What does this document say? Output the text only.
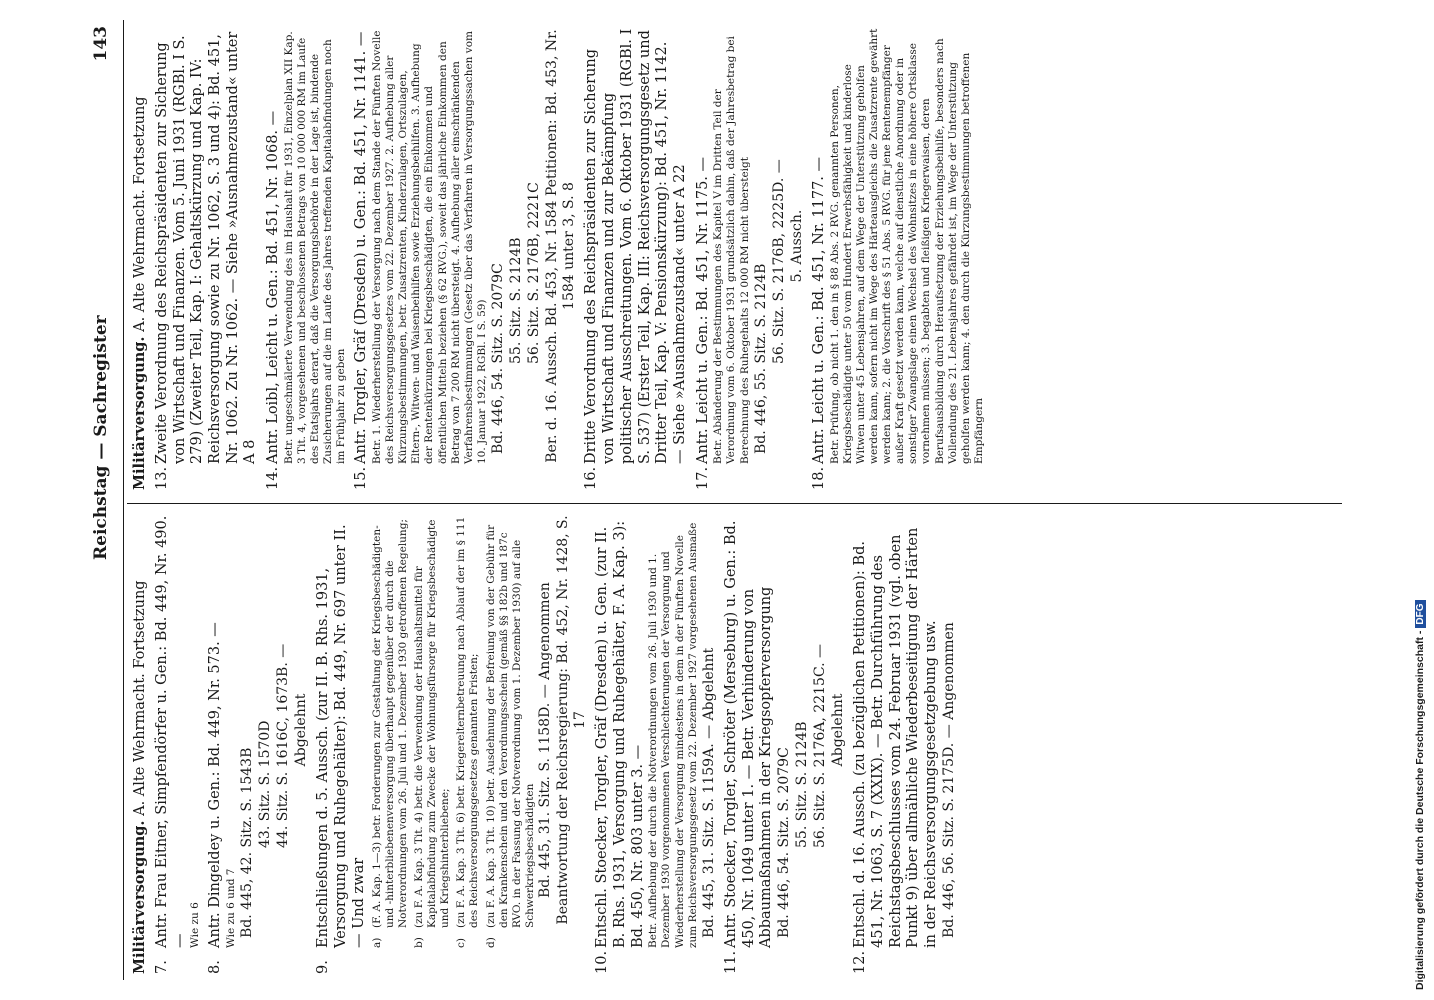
Reichstag — Sachregister
143

Militärversorgung. A. Alte Wehrmacht. Fortsetzung

7.

Antr. Frau Eitner, Simpfendörfer u. Gen.: Bd. 449, Nr. 490. — Wie zu 6

8.

Antr. Dingeldey u. Gen.: Bd. 449, Nr. 573. — Wie zu 6 und 7 Bd. 445, 42. Sitz. S. 1543B 43. Sitz. S. 1570D 44. Sitz. S. 1616C, 1673B. — Abgelehnt

9.

Entschließungen d. 5. Aussch. (zur II. B. Rhs. 1931, Versorgung und Ruhegehälter): Bd. 449, Nr. 697 unter II. — Und zwar a)

(F. A. Kap. 1—3) betr. Forderungen zur Gestaltung der Kriegsbeschädigten- und -hinterbliebenenversorgung überhaupt gegenüber der durch die Notverordnungen vom 26. Juli und 1. Dezember 1930 getroffenen Regelung;

b)

(zu F. A. Kap. 3 Tit. 4) betr. die Verwendung der Haushaltsmittel für Kapitalabfindung zum Zwecke der Wohnungsfürsorge für Kriegsbeschädigte und Kriegshinterbliebene;

c)

(zu F. A. Kap. 3 Tit. 6) betr. Kriegerelternbetreuung nach Ablauf der im § 111 des Reichsversorgungsgesetzes genannten Fristen;

d)

(zu F. A. Kap. 3 Tit. 10) betr. Ausdehnung der Befreiung von der Gebühr für den Krankenschein und den Verordnungsschein (gemäß §§ 182b und 187c RVO. in der Fassung der Notverordnung vom 1. Dezember 1930) auf alle Schwerkriegsbeschädigten Bd. 445, 31. Sitz. S. 1158D. — Angenommen Beantwortung der Reichsregierung: Bd. 452, Nr. 1428, S. 17

10.

Entschl. Stoecker, Torgler, Gräf (Dresden) u. Gen. (zur II. B. Rhs. 1931, Versorgung und Ruhegehälter, F. A. Kap. 3): Bd. 450, Nr. 803 unter 3. — Betr. Aufhebung der durch die Notverordnungen vom 26. Juli 1930 und 1. Dezember 1930 vorgenommenen Verschlechterungen der Versorgung und Wiederherstellung der Versorgung mindestens in dem in der Fünften Novelle zum Reichsversorgungsgesetz vom 22. Dezember 1927 vorgesehenen Ausmaße Bd. 445, 31. Sitz. S. 1159A. — Abgelehnt

11.

Antr. Stoecker, Torgler, Schröter (Merseburg) u. Gen.: Bd. 450, Nr. 1049 unter 1. — Betr. Verhinderung von Abbaumaßnahmen in der Kriegsopferversorgung Bd. 446, 54. Sitz. S. 2079C 55. Sitz. S. 2124B 56. Sitz. S. 2176A, 2215C. — Abgelehnt

12.

Entschl. d. 16. Aussch. (zu bezüglichen Petitionen): Bd. 451, Nr. 1063, S. 7 (XXIX). — Betr. Durchführung des Reichstagsbeschlusses vom 24. Februar 1931 (vgl. oben Punkt 9) über allmähliche Wiederbeseitigung der Härten in der Reichsversorgungsgesetzgebung usw. Bd. 446, 56. Sitz. S. 2175D. — Angenommen

Militärversorgung. A. Alte Wehrmacht. Fortsetzung

13.

Zweite Verordnung des Reichspräsidenten zur Sicherung von Wirtschaft und Finanzen. Vom 5. Juni 1931 (RGBl. I S. 279) (Zweiter Teil, Kap. I: Gehaltskürzung und Kap. IV: Reichsversorgung sowie zu Nr. 1062, S. 3 und 4): Bd. 451, Nr. 1062. Zu Nr. 1062. — Siehe »Ausnahmezustand« unter A 8

14.

Antr. Loibl, Leicht u. Gen.: Bd. 451, Nr. 1068. — Betr. ungeschmälerte Verwendung des im Haushalt für 1931, Einzelplan XII Kap. 3 Tit. 4, vorgesehenen und beschlossenen Betrags von 10 000 000 RM im Laufe des Etatsjahrs derart, daß die Versorgungsbehörde in der Lage ist, bindende Zusicherungen auf die im Laufe des Jahres treffenden Kapitalabfindungen noch im Frühjahr zu geben

15.

Antr. Torgler, Gräf (Dresden) u. Gen.: Bd. 451, Nr. 1141. — Betr. 1. Wiederherstellung der Versorgung nach dem Stande der Fünften Novelle des Reichsversorgungsgesetzes vom 22. Dezember 1927. 2. Aufhebung aller Kürzungsbestimmungen, betr. Zusatzrenten, Kinderzulagen, Ortszulagen, Eltern-, Witwen- und Waisenbeihilfen sowie Erziehungsbeihilfen. 3. Aufhebung der Rentenkürzungen bei Kriegsbeschädigten, die ein Einkommen und öffentlichen Mitteln beziehen (§ 62 RVG.), soweit das jährliche Einkommen den Betrag von 7 200 RM nicht übersteigt. 4. Aufhebung aller einschränkenden Verfahrensbestimmungen (Gesetz über das Verfahren in Versorgungssachen vom 10. Januar 1922, RGBl. I S. 59) Bd. 446, 54. Sitz. S. 2079C 55. Sitz. S. 2124B 56. Sitz. S. 2176B, 2221C Ber. d. 16. Aussch. Bd. 453, Nr. 1584 Petitionen: Bd. 453, Nr. 1584 unter 3, S. 8

16.

Dritte Verordnung des Reichspräsidenten zur Sicherung von Wirtschaft und Finanzen und zur Bekämpfung politischer Ausschreitungen. Vom 6. Oktober 1931 (RGBl. I S. 537) (Erster Teil, Kap. III: Reichsversorgungsgesetz und Dritter Teil, Kap. V: Pensionskürzung): Bd. 451, Nr. 1142. — Siehe »Ausnahmezustand« unter A 22

17.

Antr. Leicht u. Gen.: Bd. 451, Nr. 1175. — Betr. Abänderung der Bestimmungen des Kapitel V im Dritten Teil der Verordnung vom 6. Oktober 1931 grundsätzlich dahin, daß der Jahresbetrag bei Berechnung des Ruhegehalts 12 000 RM nicht übersteigt Bd. 446, 55. Sitz. S. 2124B 56. Sitz. S. 2176B, 2225D. — 5. Aussch.

18.

Antr. Leicht u. Gen.: Bd. 451, Nr. 1177. — Betr. Prüfung, ob nicht 1. den in § 88 Abs. 2 RVG. genannten Personen, Kriegsbeschädigte unter 50 vom Hundert Erwerbsfähigkeit und kinderlose Witwen unter 45 Lebensjahren, auf dem Wege der Unterstützung geholfen werden kann, sofern nicht im Wege des Härteausgleichs die Zusatzrente gewährt werden kann; 2. die Vorschrift des § 51 Abs. 5 RVG. für jene Rentenempfänger außer Kraft gesetzt werden kann, welche auf dienstliche Anordnung oder in sonstiger Zwangslage einen Wechsel des Wohnsitzes in eine höhere Ortsklasse vornehmen müssen; 3. begabten und fleißigen Kriegerwaisen, deren Berufsausbildung durch Heraufsetzung der Erziehungsbeihilfe, besonders nach Vollendung des 21. Lebensjahres gefährdet ist, im Wege der Unterstützung geholfen werden kann; 4. den durch die Kürzungsbestimmungen betroffenen Empfängern

Digitalisierung gefördert durch die Deutsche Forschungsgemeinschaft -DFG
